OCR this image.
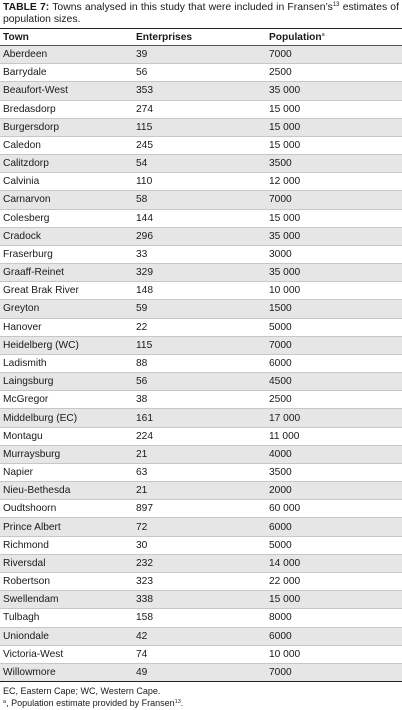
TABLE 7: Towns analysed in this study that were included in $Fransen’s^{13}$ estimates of population sizes.
Town	Enterprises	Population$^a$
Aberdeen	39	7000
Barrydale	56	2500
Beaufort-West	353	35 000
Bredasdorp	274	15 000
Burgersdorp	115	15 000
Caledon	245	15 000
Calitzdorp	54	3500
Calvinia	110	12 000
Carnarvon	58	7000
Colesberg	144	15 000
Cradock	296	35 000
Fraserburg	33	3000
Graaff-Reinet	329	35 000
Great Brak River	148	10 000
Greyton	59	1500
Hanover	22	5000
Heidelberg (WC)	115	7000
Ladismith	88	6000
Laingsburg	56	4500
McGregor	38	2500
Middelburg (EC)	161	17 000
Montagu	224	11 000
Murraysburg	21	4000
Napier	63	3500
Nieu-Bethesda	21	2000
Oudtshoorn	897	60 000
Prince Albert	72	6000
Richmond	30	5000
Riversdal	232	14 000
Robertson	323	22 000
Swellendam	338	15 000
Tulbagh	158	8000
Uniondale	42	6000
Victoria-West	74	10 000
Willowmore	49	7000
EC, Eastern Cape; WC, Western Cape.
$^a$, Population estimate provided by Fransen$^{13}$.
